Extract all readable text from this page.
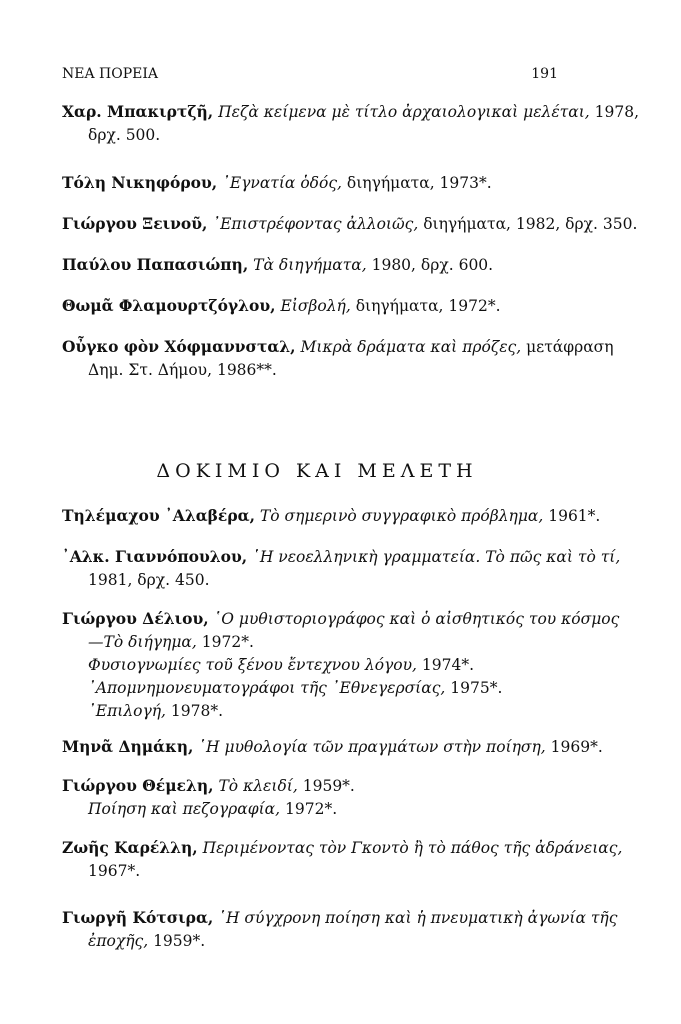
ΝΕΑ ΠΟΡΕΙΑ	191
Χαρ. Μπακιρτζῆ, Πεζὰ κείμενα μὲ τίτλο ἀρχαιολογικαὶ μελέται, 1978,
δρχ. 500.
Τόλη Νικηφόρου, ᾿Εγνατία ὁδός, διηγήματα, 1973*.
Γιώργου Ξεινοῦ, ᾿Επιστρέφοντας ἀλλοιῶς, διηγήματα, 1982, δρχ. 350.
Παύλου Παπασιώπη, Τὰ διηγήματα, 1980, δρχ. 600.
Θωμᾶ Φλαμουρτζόγλου, Εἰσβολή, διηγήματα, 1972*.
Οὖγκο φὸν Χόφμαννσταλ, Μικρὰ δράματα καὶ πρόζες, μετάφραση
Δημ. Στ. Δήμου, 1986**.
ΔΟΚΙΜΙΟ ΚΑΙ ΜΕΛΕΤΗ
Τηλέμαχου ᾿Αλαβέρα, Τὸ σημερινὸ συγγραφικὸ πρόβλημα, 1961*.
᾿Αλκ. Γιαννόπουλου, ῾Η νεοελληνικὴ γραμματεία. Τὸ πῶς καὶ τὸ τί,
1981, δρχ. 450.
Γιώργου Δέλιου, ῾Ο μυθιστοριογράφος καὶ ὁ αἰσθητικός του κόσμος
—Τὸ διήγημα, 1972*.
Φυσιογνωμίες τοῦ ξένου ἔντεχνου λόγου, 1974*.
᾿Απομνημονευματογράφοι τῆς ᾿Εθνεγερσίας, 1975*.
᾿Επιλογή, 1978*.
Μηνᾶ Δημάκη, ῾Η μυθολογία τῶν πραγμάτων στὴν ποίηση, 1969*.
Γιώργου Θέμελη, Τὸ κλειδί, 1959*.
Ποίηση καὶ πεζογραφία, 1972*.
Ζωῆς Καρέλλη, Περιμένοντας τὸν Γκοντὸ ἢ τὸ πάθος τῆς ἀδράνειας,
1967*.
Γιωργῆ Κότσιρα, ῾Η σύγχρονη ποίηση καὶ ἡ πνευματικὴ ἀγωνία τῆς
ἐποχῆς, 1959*.
